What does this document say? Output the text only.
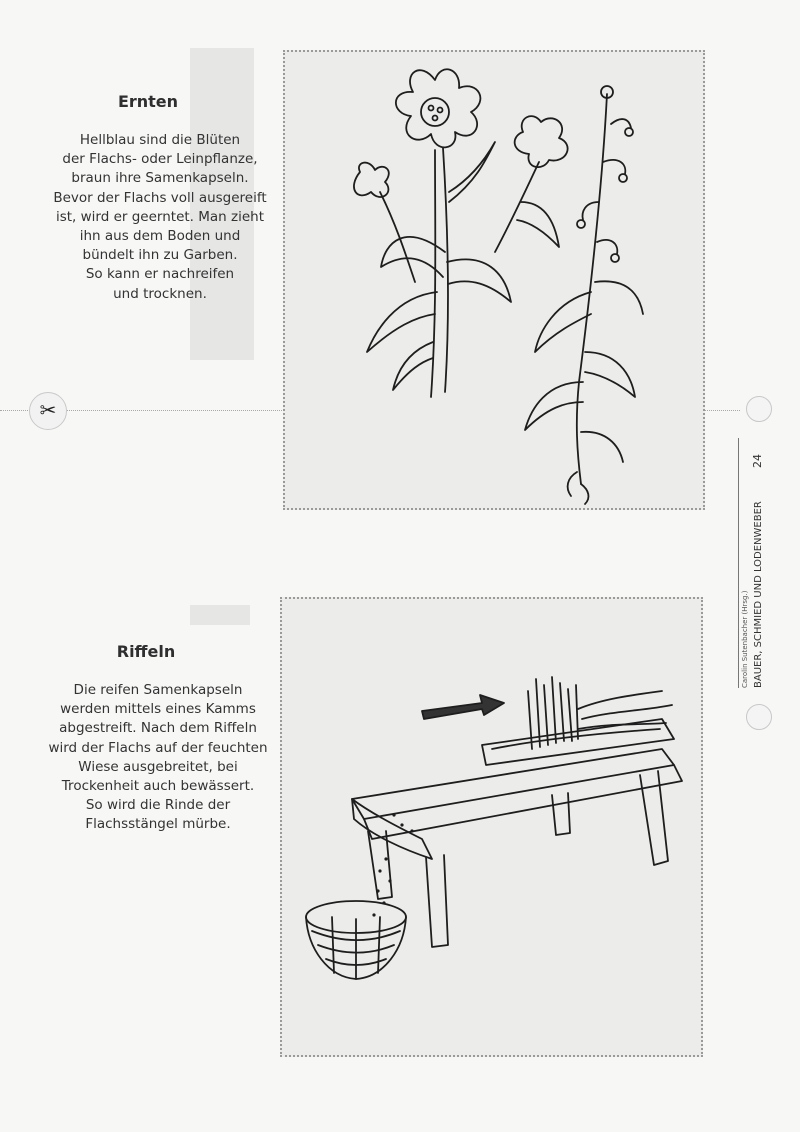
✂
Ernten
Hellblau sind die Blüten
der Flachs- oder Leinpflanze,
braun ihre Samenkapseln.
Bevor der Flachs voll ausgereift
ist, wird er geerntet. Man zieht
ihn aus dem Boden und
bündelt ihn zu Garben.
So kann er nachreifen
und trocknen.
Riffeln
Die reifen Samenkapseln
werden mittels eines Kamms
abgestreift. Nach dem Riffeln
wird der Flachs auf der feuchten
Wiese ausgebreitet, bei
Trockenheit auch bewässert.
So wird die Rinde der
Flachsstängel mürbe.
24
Carolin Sutenbacher (Hrsg.) BAUER, SCHMIED UND LODENWEBER
